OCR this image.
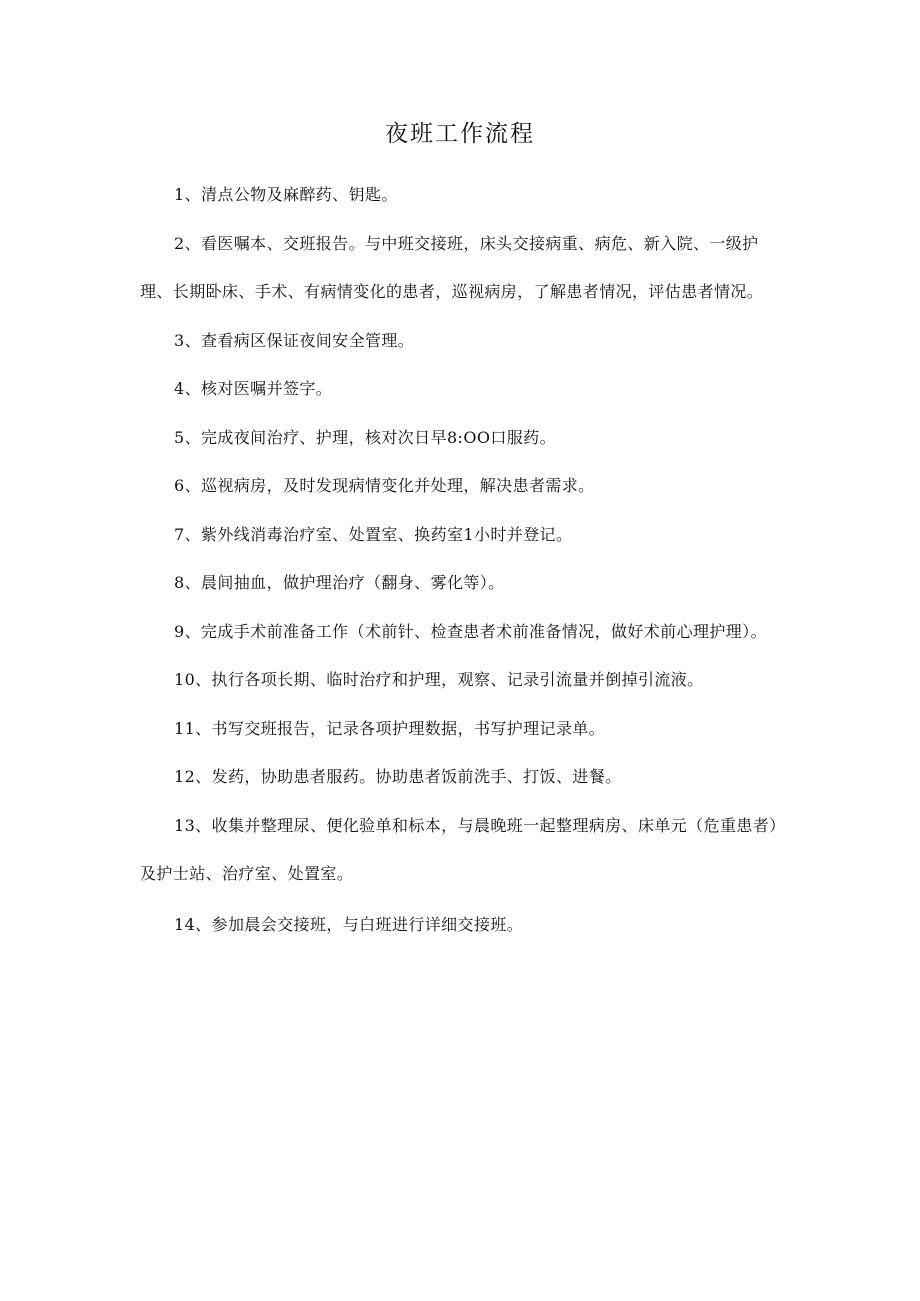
夜班工作流程

1、清点公物及麻醉药、钥匙。

2、看医嘱本、交班报告。与中班交接班，床头交接病重、病危、新入院、一级护理、长期卧床、手术、有病情变化的患者，巡视病房，了解患者情况，评估患者情况。

3、查看病区保证夜间安全管理。

4、核对医嘱并签字。

5、完成夜间治疗、护理，核对次日早8:OO口服药。

6、巡视病房，及时发现病情变化并处理，解决患者需求。

7、紫外线消毒治疗室、处置室、换药室1小时并登记。

8、晨间抽血，做护理治疗（翻身、雾化等）。

9、完成手术前准备工作（术前针、检查患者术前准备情况，做好术前心理护理）。

10、执行各项长期、临时治疗和护理，观察、记录引流量并倒掉引流液。

11、书写交班报告，记录各项护理数据，书写护理记录单。

12、发药，协助患者服药。协助患者饭前洗手、打饭、进餐。

13、收集并整理尿、便化验单和标本，与晨晚班一起整理病房、床单元（危重患者）及护士站、治疗室、处置室。

14、参加晨会交接班，与白班进行详细交接班。
